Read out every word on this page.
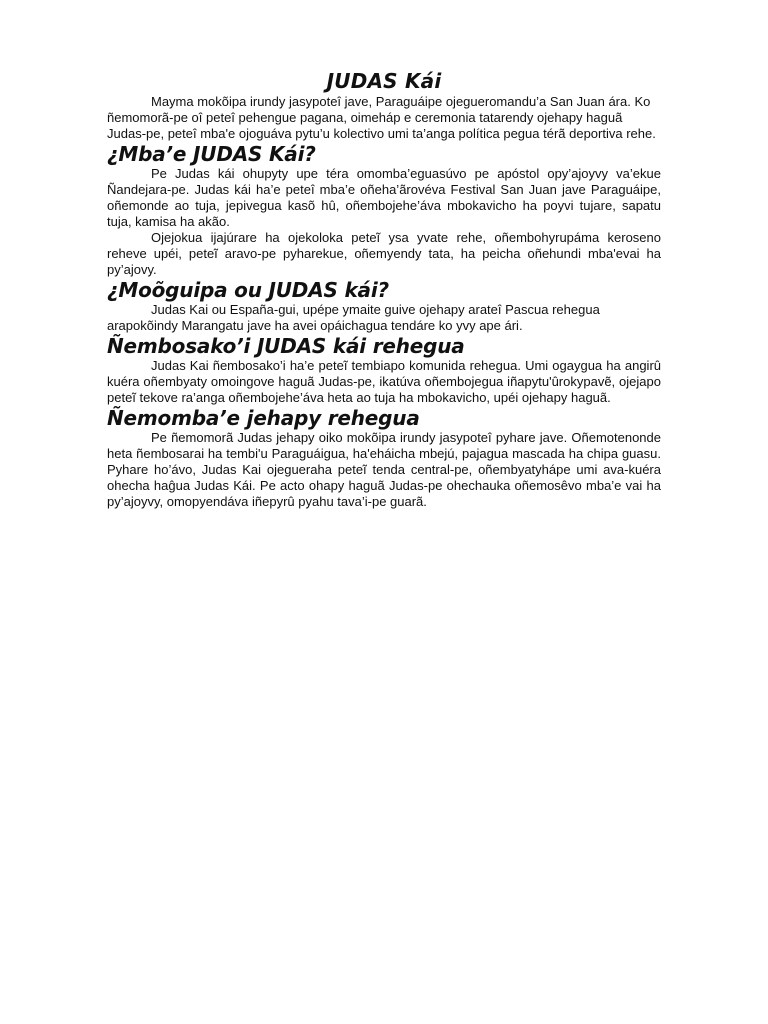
JUDAS Kái

Mayma mokõipa irundy jasypoteî jave, Paraguáipe ojegueromandu’a San Juan ára. Ko ñemomorã-pe oî peteî pehengue pagana, oimeháp e ceremonia tatarendy ojehapy haguã Judas-pe, peteî mba'e ojoguáva pytu’u kolectivo umi ta’anga política pegua térã deportiva rehe.

¿Mba’e JUDAS Kái?

Pe Judas kái ohupyty upe téra omomba’eguasúvo pe apóstol opy’ajoyvy va’ekue Ñandejara-pe. Judas kái ha’e peteî mba’e oñeha’ãrovéva Festival San Juan jave Paraguáipe, oñemonde ao tuja, jepivegua kasõ hû, oñembojehe’áva mbokavicho ha poyvi tujare, sapatu tuja, kamisa ha akão.

Ojejokua ijajúrare ha ojekoloka peteĩ ysa yvate rehe, oñembohyrupáma keroseno reheve upéi, peteĩ aravo-pe pyharekue, oñemyendy tata, ha peicha oñehundi mba'evai ha py’ajovy.

¿Moõguipa ou JUDAS kái?

Judas Kai ou España-gui, upépe ymaite guive ojehapy arateî Pascua rehegua arapokõindy Marangatu jave ha avei opáichagua tendáre ko yvy ape ári.

Ñembosako’i JUDAS kái rehegua

Judas Kai ñembosako’i ha’e peteĩ tembiapo komunida rehegua. Umi ogaygua ha angirû kuéra oñembyaty omoingove haguã Judas-pe, ikatúva oñembojegua iñapytu'ûrokypavẽ, ojejapo peteĩ tekove ra’anga oñembojehe’áva heta ao tuja ha mbokavicho, upéi ojehapy haguã.

Ñemomba’e jehapy rehegua

Pe ñemomorã Judas jehapy oiko mokõipa irundy jasypoteî pyhare jave. Oñemotenonde heta ñembosarai ha tembi'u Paraguáigua, ha'eháicha mbejú, pajagua mascada ha chipa guasu. Pyhare ho’ávo, Judas Kai ojegueraha peteĩ tenda central-pe, oñembyatyhápe umi ava-kuéra ohecha haĝua Judas Kái. Pe acto ohapy haguã Judas-pe ohechauka oñemosêvo mba’e vai ha py’ajoyvy, omopyendáva iñepyrû pyahu tava’i-pe guarã.
